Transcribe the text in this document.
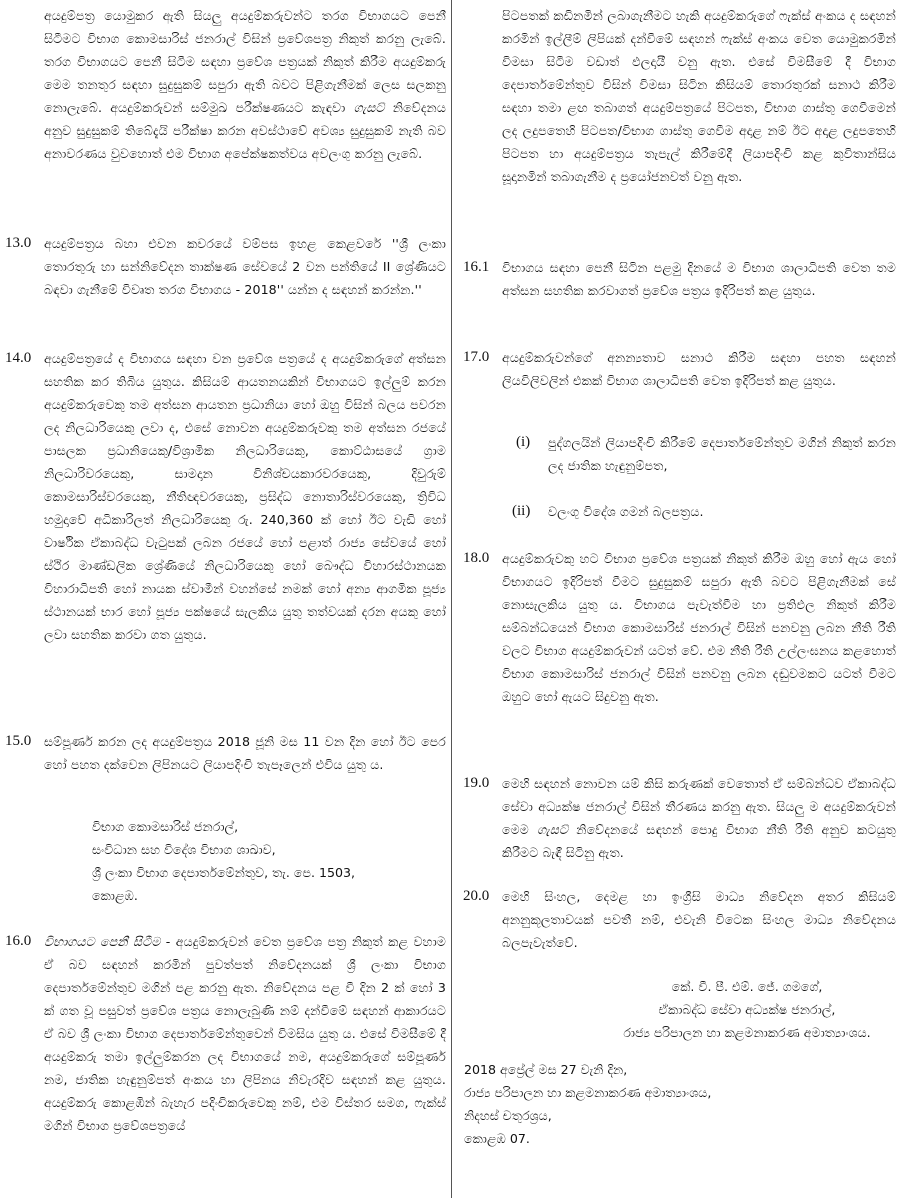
අයදුම්පත්‍ර යොමුකර ඇති සියලු අයදුම්කරුවන්ට තරග විභාගයට පෙනී සිටීමට විභාග කොමසාරිස් ජනරාල් විසින් ප්‍රවේශපත්‍ර නිකුත් කරනු ලැබේ. තරග විභාගයට පෙනී සිටීම සඳහා ප්‍රවේශ පත්‍රයක් නිකුත් කිරීම අයදුම්කරු මෙම තනතුර සඳහා සුදුසුකම් සපුරා ඇති බවට පිළිගැනීමක් ලෙස සලකනු නොලැබේ. අයදුම්කරුවන් සම්මුඛ පරීක්ෂණයට කැඳවා ගැසට් නිවේදනය අනුව සුදුසුකම් තිබේදැයි පරීක්ෂා කරන අවස්ථාවේ අවශ්‍ය සුදුසුකම් නැති බව අනාවරණය වුවහොත් එම විභාග අපේක්ෂකත්වය අවලංගු කරනු ලැබේ.
13.0 අයදුම්පත්‍රය බහා එවන කවරයේ වම්පස ඉහළ කෙළවරේ ''ශ්‍රී ලංකා තොරතුරු හා සන්නිවේදන තාක්ෂණ සේවයේ 2 වන පන්තියේ II ශ්‍රේණියට බඳවා ගැනීමේ විවෘත තරග විභාගය - 2018'' යන්න ද සඳහන් කරන්න.''
14.0 අයදුම්පත්‍රයේ ද විභාගය සඳහා වන ප්‍රවේශ පත්‍රයේ ද අයදුම්කරුගේ අත්සන සහතික කර තිබිය යුතුය. කිසියම් ආයතනයකින් විභාගයට ඉල්ලුම් කරන අයදුම්කරුවෙකු තම අත්සන ආයතන ප්‍රධානියා හෝ ඔහු විසින් බලය පවරන ලද නිලධාරියෙකු ලවා ද, එසේ නොවන අයදුම්කරුවකු තම අත්සන රජයේ පාසලක ප්‍රධානියෙකු/විශ්‍රාමික නිලධාරියෙකු, කොට්ඨාසයේ ග්‍රාම නිලධාරිවරයෙකු, සාමදාන විනිශ්චයකාරවරයෙකු, දිවුරුම් කොමසාරිස්වරයෙකු, නීතිඥවරයෙකු, ප්‍රසිද්ධ නොතාරිස්වරයෙකු, ත්‍රිවිධ හමුදාවේ අධිකාරිලත් නිලධාරියෙකු රු. 240,360 ක් හෝ ඊට වැඩි හෝ වාර්ෂික ඒකාබද්ධ වැටුපක් ලබන රජයේ හෝ පළාත් රාජ්‍ය සේවයේ හෝ ස්ථිර මාණ්ඩලික ශ්‍රේණියේ නිලධාරියෙකු හෝ බෞද්ධ විහාරස්ථානයක විහාරාධිපති හෝ නායක ස්වාමීන් වහන්සේ නමක් හෝ අන්‍ය ආගමික පූජ්‍ය ස්ථානයක් භාර හෝ පූජ්‍ය පක්ෂයේ සැලකිය යුතු තත්වයක් දරන අයකු හෝ ලවා සහතික කරවා ගත යුතුය.
15.0 සම්පූර්ණ කරන ලද අයදුම්පත්‍රය 2018 ජූනි මස 11 වන දින හෝ ඊට පෙර හෝ පහත දක්වෙන ලිපිනයට ලියාපදිංචි තැපෑලෙන් එවිය යුතු ය.
විභාග කොමසාරිස් ජනරාල්,
සංවිධාන සහ විදේශ විභාග ශාඛාව,
ශ්‍රී ලංකා විභාග දෙපාර්තමේන්තුව, තැ. පෙ. 1503,
කොළඹ.
16.0 විභාගයට පෙනී සිටීම - අයදුම්කරුවන් වෙත ප්‍රවේශ පත්‍ර නිකුත් කළ වහාම ඒ බව සඳහන් කරමින් පුවත්පත් නිවේදනයක් ශ්‍රී ලංකා විභාග දෙපාර්තමේන්තුව මගින් පළ කරනු ඇත. නිවේදනය පළ වී දින 2 ක් හෝ 3 ක් ගත වූ පසුවත් ප්‍රවේශ පත්‍රය නොලැබුණි නම් දන්වීමේ සඳහන් ආකාරයට ඒ බව ශ්‍රී ලංකා විභාග දෙපාර්තමේන්තුවෙන් විමසිය යුතු ය. එසේ විමසීමේ දී අයදුම්කරු තමා ඉල්ලුම්කරන ලද විභාගයේ නම, අයදුම්කරුගේ සම්පූර්ණ නම, ජාතික හැඳුනුම්පත් අංකය හා ලිපිනය නිවැරදිව සඳහන් කළ යුතුය. අයදුම්කරු කොළඹින් බැහැර පදිංචිකරුවෙකු නම්, එම විස්තර සමග, ෆැක්ස් මගින් විභාග ප්‍රවේශපත්‍රයේ
පිටපතක් කඩිනමින් ලබාගැනීමට හැකි අයදුම්කරුගේ ෆැක්ස් අංකය ද සඳහන් කරමින් ඉල්ලීම් ලිපියක් දන්වීමේ සඳහන් ෆැක්ස් අංකය වෙත යොමුකරමින් විමසා සිටීම වඩාත් ඵලදායී වනු ඇත. එසේ විමසීමේ දී විභාග දෙපාර්තමේන්තුව විසින් විමසා සිටින කිසියම් තොරතුරක් සනාථ කිරීම සඳහා තමා ළඟ තබාගත් අයදුම්පත්‍රයේ පිටපත, විභාග ගාස්තු ගෙවීමෙන් ලද ලදුපතෙහි පිටපත/විභාග ගාස්තු ගෙවීම අදාළ නම් ඊට අදාළ ලදුපතෙහි පිටපත හා අයදුම්පත්‍රය තැපැල් කිරීමේදී ලියාපදිංචි කළ කුවිතාන්සිය සූදානමින් තබාගැනීම ද ප්‍රයෝජනවත් වනු ඇත.
16.1 විභාගය සඳහා පෙනී සිටින පළමු දිනයේ ම විභාග ශාලාධිපති වෙත තම අත්සන සහතික කරවාගත් ප්‍රවේශ පත්‍රය ඉදිරිපත් කළ යුතුය.
17.0 අයදුම්කරුවන්ගේ අනන්‍යතාව සනාථ කිරීම සඳහා පහත සඳහන් ලියවිලිවලින් එකක් විභාග ශාලාධිපති වෙත ඉදිරිපත් කළ යුතුය.
(i) පුද්ගලයින් ලියාපදිංචි කිරීමේ දෙපාර්තමේන්තුව මගින් නිකුත් කරන ලද ජාතික හැඳුනුම්පත,
(ii) වලංගු විදේශ ගමන් බලපත්‍රය.
18.0 අයදුම්කරුවකු හට විභාග ප්‍රවේශ පත්‍රයක් නිකුත් කිරීම ඔහු හෝ ඇය හෝ විභාගයට ඉදිරිපත් වීමට සුදුසුකම් සපුරා ඇති බවට පිළිගැනීමක් සේ නොසැලකිය යුතු ය. විභාගය පැවැත්වීම හා ප්‍රතිඵල නිකුත් කිරීම සම්බන්ධයෙන් විභාග කොමසාරිස් ජනරාල් විසින් පනවනු ලබන නීති රීති වලට විභාග අයදුම්කරුවන් යටත් වේ. එම නීති රීති උල්ලංඝනය කළහොත් විභාග කොමසාරිස් ජනරාල් විසින් පනවනු ලබන දඬුවමකට යටත් වීමට ඔහුට හෝ ඇයට සිදුවනු ඇත.
19.0 මෙහි සඳහන් නොවන යම් කිසි කරුණක් වෙතොත් ඒ සම්බන්ධව ඒකාබද්ධ සේවා අධ්‍යක්ෂ ජනරාල් විසින් තීරණය කරනු ඇත. සියලු ම අයදුම්කරුවන් මෙම ගැසට් නිවේදනයේ සඳහන් පොදු විභාග නීති රීති අනුව කටයුතු කිරීමට බැඳී සිටිනු ඇත.
20.0 මෙහි සිංහල, දෙමළ හා ඉංග්‍රීසි මාධ්‍ය නිවේදන අතර කිසියම් අනනුකූලතාවයක් පවතී නම්, එවැනි විටෙක සිංහල මාධ්‍ය නිවේදනය බලපැවැත්වේ.
කේ. වී. පී. එම්. ජේ. ගමගේ,
ඒකාබද්ධ සේවා අධ්‍යක්ෂ ජනරාල්,
රාජ්‍ය පරිපාලන හා කළමනාකරණ අමාත්‍යාංශය.
2018 අප්‍රේල් මස 27 වැනි දින,
රාජ්‍ය පරිපාලන හා කළමනාකරණ අමාත්‍යාංශය,
නිදහස් චතුරශ්‍රය,
කොළඹ 07.
